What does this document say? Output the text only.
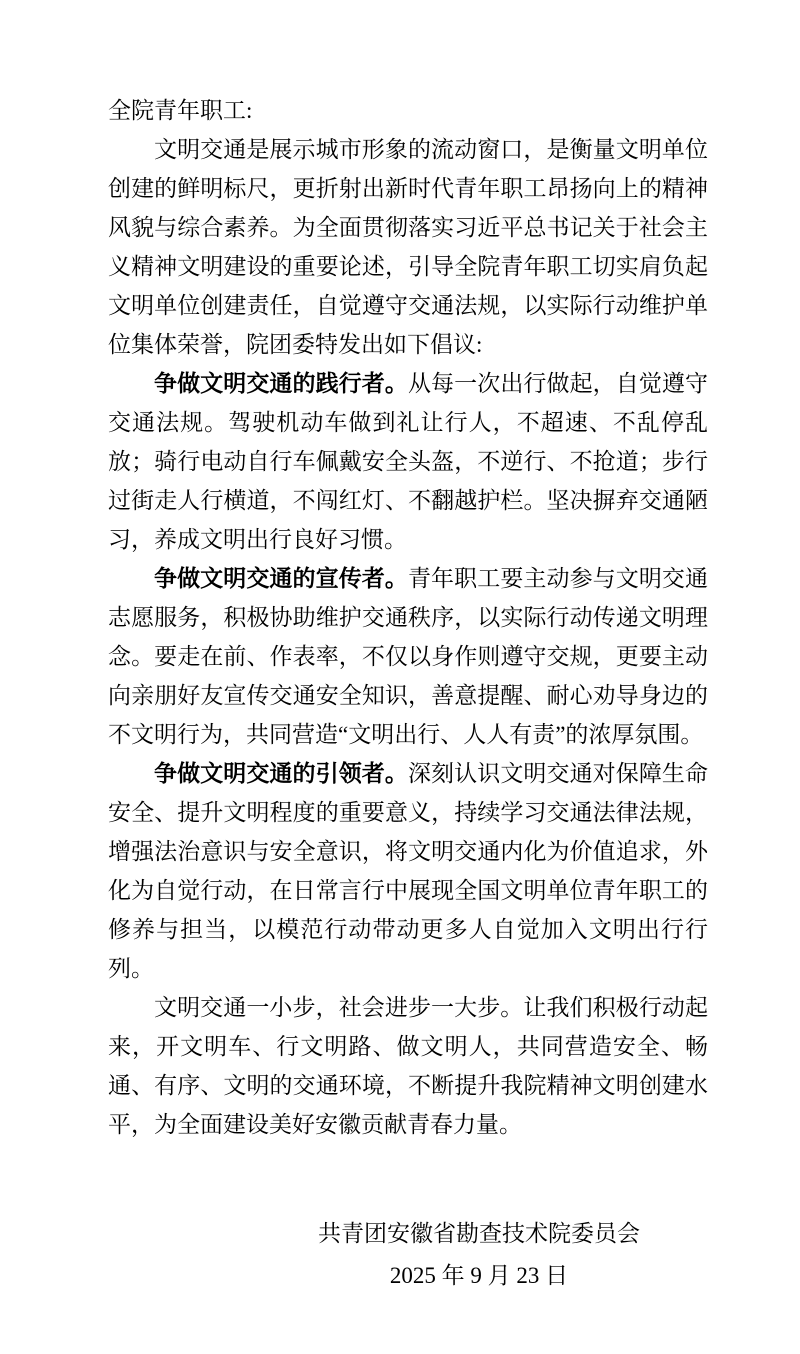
全院青年职工:

文明交通是展示城市形象的流动窗口，是衡量文明单位创建的鲜明标尺，更折射出新时代青年职工昂扬向上的精神风貌与综合素养。为全面贯彻落实习近平总书记关于社会主义精神文明建设的重要论述，引导全院青年职工切实肩负起文明单位创建责任，自觉遵守交通法规，以实际行动维护单位集体荣誉，院团委特发出如下倡议:

争做文明交通的践行者。从每一次出行做起，自觉遵守交通法规。驾驶机动车做到礼让行人，不超速、不乱停乱放；骑行电动自行车佩戴安全头盔，不逆行、不抢道；步行过街走人行横道，不闯红灯、不翻越护栏。坚决摒弃交通陋习，养成文明出行良好习惯。

争做文明交通的宣传者。青年职工要主动参与文明交通志愿服务，积极协助维护交通秩序，以实际行动传递文明理念。要走在前、作表率，不仅以身作则遵守交规，更要主动向亲朋好友宣传交通安全知识，善意提醒、耐心劝导身边的不文明行为，共同营造“文明出行、人人有责”的浓厚氛围。

争做文明交通的引领者。深刻认识文明交通对保障生命安全、提升文明程度的重要意义，持续学习交通法律法规，增强法治意识与安全意识，将文明交通内化为价值追求，外化为自觉行动，在日常言行中展现全国文明单位青年职工的修养与担当，以模范行动带动更多人自觉加入文明出行行列。

文明交通一小步，社会进步一大步。让我们积极行动起来，开文明车、行文明路、做文明人，共同营造安全、畅通、有序、文明的交通环境，不断提升我院精神文明创建水平，为全面建设美好安徽贡献青春力量。

共青团安徽省勘查技术院委员会
2025 年 9 月 23 日
